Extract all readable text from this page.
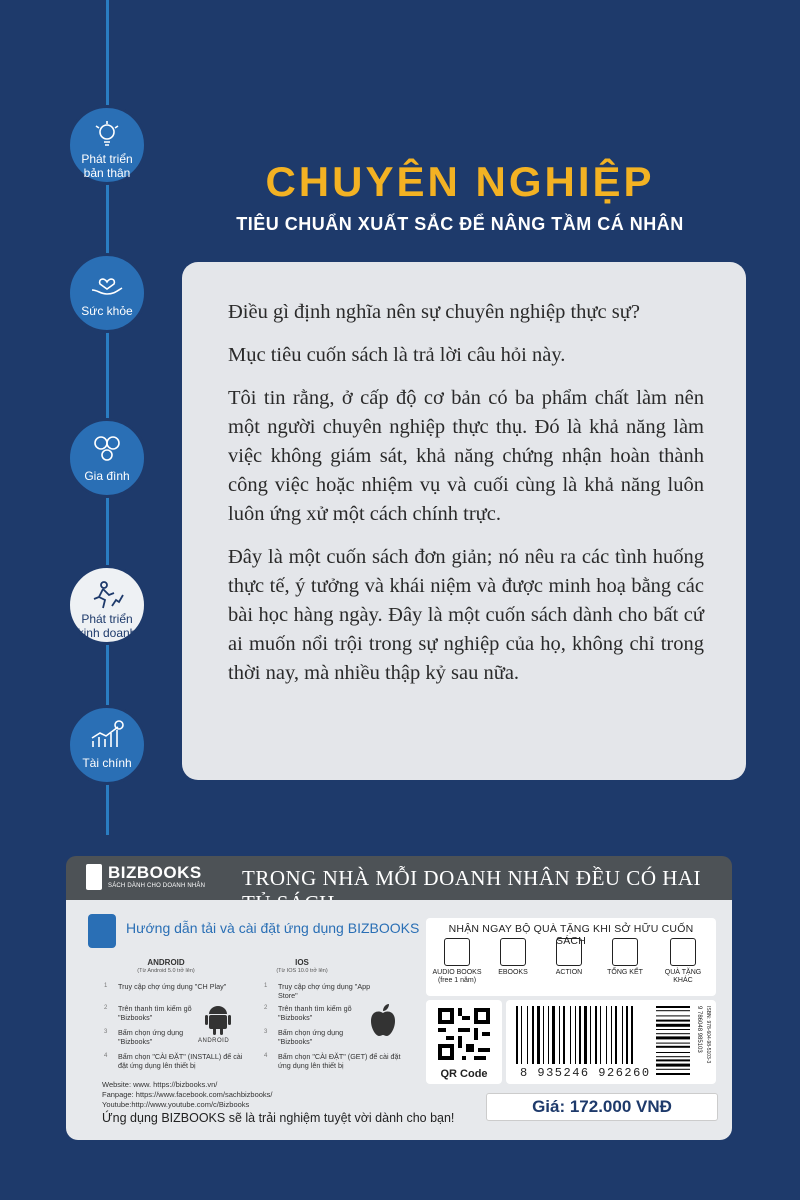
Phát triển bản thân
Sức khỏe
Gia đình
Phát triển kinh doanh
Tài chính
CHUYÊN NGHIỆP
TIÊU CHUẨN XUẤT SẮC ĐỂ NÂNG TẦM CÁ NHÂN

Điều gì định nghĩa nên sự chuyên nghiệp thực sự?

Mục tiêu cuốn sách là trả lời câu hỏi này.

Tôi tin rằng, ở cấp độ cơ bản có ba phẩm chất làm nên một người chuyên nghiệp thực thụ. Đó là khả năng làm việc không giám sát, khả năng chứng nhận hoàn thành công việc hoặc nhiệm vụ và cuối cùng là khả năng luôn luôn ứng xử một cách chính trực.

Đây là một cuốn sách đơn giản; nó nêu ra các tình huống thực tế, ý tưởng và khái niệm và được minh hoạ bằng các bài học hàng ngày. Đây là một cuốn sách dành cho bất cứ ai muốn nổi trội trong sự nghiệp của họ, không chỉ trong thời nay, mà nhiều thập kỷ sau nữa.

BIZBOOKS
SÁCH DÀNH CHO DOANH NHÂN TRONG NHÀ MỖI DOANH NHÂN ĐỀU CÓ HAI
Hướng dẫn tải và cài đặt ứng dụng BIZBOOKS
ANDROID
(Từ Android 5.0 trở lên)
1 Truy cập chợ ứng dụng "CH Play"
2 Trên thanh tìm kiếm gõ "Bizbooks"
3 Bấm chọn ứng dụng "Bizbooks"
4 Bấm chọn "CÀI ĐẶT" (INSTALL) để cài đặt ứng dụng lên thiết bị
ANDROID
IOS
(Từ IOS 10.0 trở lên)
1 Truy cập chợ ứng dụng "App Store"
2 Trên thanh tìm kiếm gõ "Bizbooks"
3 Bấm chọn ứng dụng "Bizbooks"
4 Bấm chọn "CÀI ĐẶT" (GET) để cài đặt ứng dụng lên thiết bị
Website: www. https://bizbooks.vn/
Fanpage: https://www.facebook.com/sachbizbooks/
Youtube:http://www.youtube.com/c/Bizbooks
Ứng dụng BIZBOOKS sẽ là trải nghiệm tuyệt vời dành cho bạn!
NHẬN NGAY BỘ QUÀ TẶNG KHI SỞ HỮU CUỐN SÁCH
AUDIO BOOKS
(free 1 năm)
EBOOKS	ACTION	TỔNG KẾT	QUÀ TẶNG
KHÁC
QR Code	8 935246 926260
9 786048 985103 ISBN: 978-604-98-5103-3
Giá: 172.000 VNĐ
